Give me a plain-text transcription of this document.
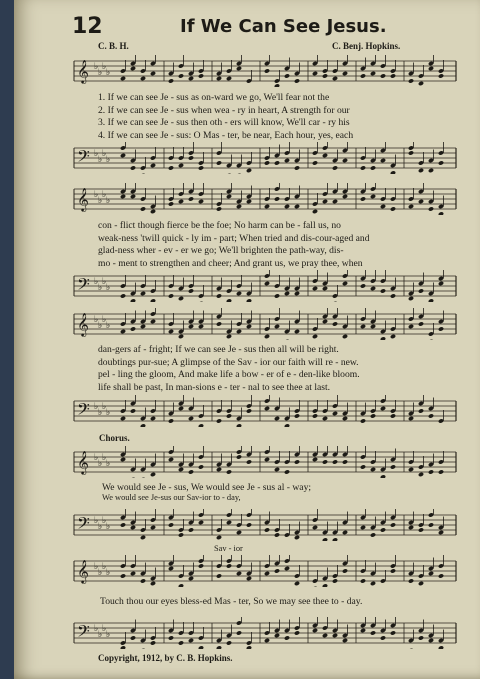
12	If We Can See Jesus.
C. B. H.	C. Benj. Hopkins.
𝄞 ♭
♭
♭
♭
𝄢 ♭
♭
♭
♭
𝄞 ♭
♭
♭
♭
𝄢 ♭
♭
♭
♭
𝄞 ♭
♭
♭
♭
𝄢 ♭
♭
♭
♭
𝄞 ♭
♭
♭
♭
𝄢 ♭
♭
♭
♭
𝄞 ♭
♭
♭
♭
𝄢 ♭
♭
♭
♭
1. If we can see Je - sus as on-ward we go, We'll fear not the
2. If we can see Je - sus when wea - ry in heart, A strength for our
3. If we can see Je - sus then oth - ers will know, We'll car - ry his
4. If we can see Je - sus: O Mas - ter, be near, Each hour, yes, each
con - flict though fierce be the foe; No harm can be - fall us, no
weak-ness 'twill quick - ly im - part; When tried and dis-cour-aged and
glad-ness wher - ev - er we go; We'll brighten the path-way, dis-
mo - ment to strengthen and cheer; And grant us, we pray thee, when
dan-gers af - fright; If we can see Je - sus then all will be right.
doubtings pur-sue; A glimpse of the Sav - ior our faith will re - new.
pel - ling the gloom, And make life a bow - er of e - den-like bloom.
life shall be past, In man-sions e - ter - nal to see thee at last.
Chorus.
We would see Je - sus, We would see Je - sus al - way;
We would see Je-sus our Sav-ior to - day,
Sav - ior
Touch thou our eyes bless-ed Mas - ter, So we may see thee to - day.
Copyright, 1912, by C. B. Hopkins.
